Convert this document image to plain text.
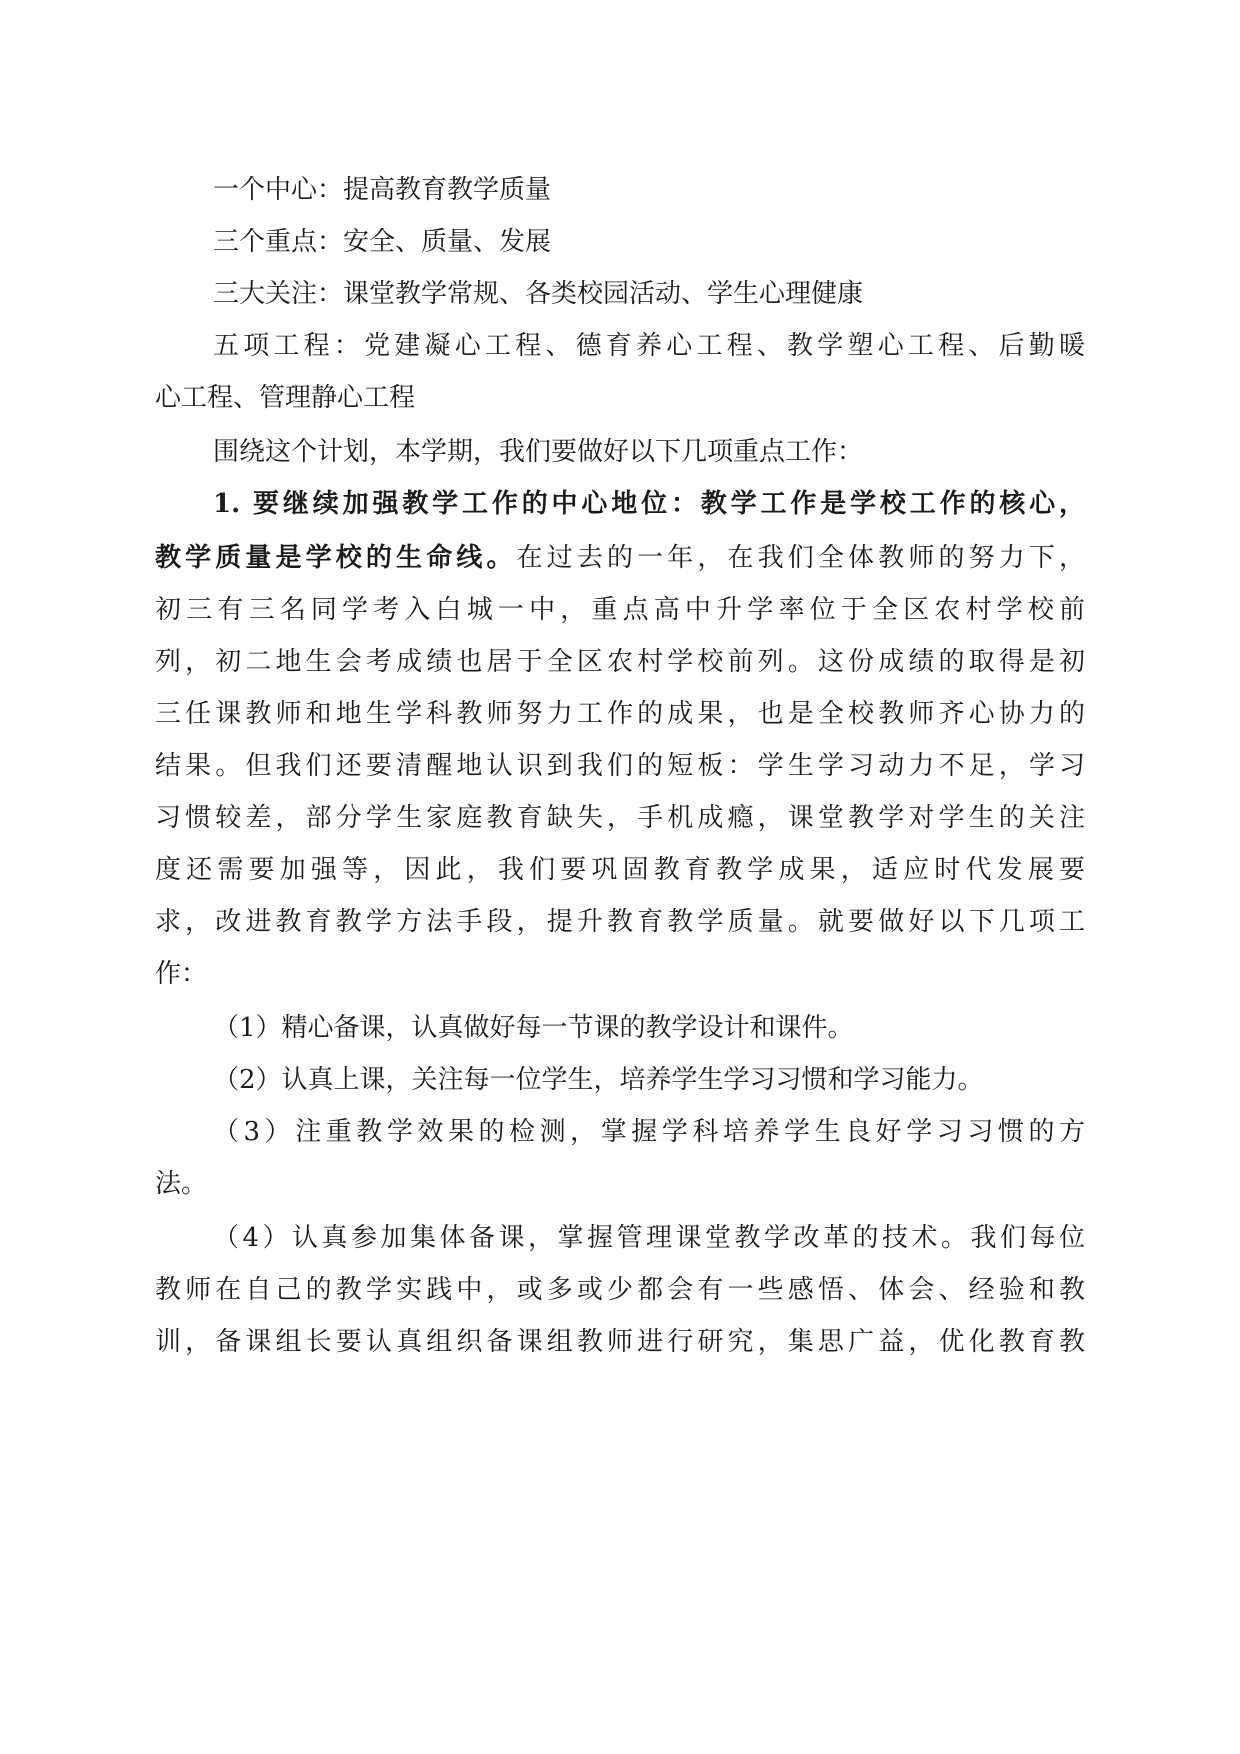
一个中心：提高教育教学质量
三个重点：安全、质量、发展
三大关注：课堂教学常规、各类校园活动、学生心理健康
五项工程：党建凝心工程、德育养心工程、教学塑心工程、后勤暖
心工程、管理静心工程
围绕这个计划，本学期，我们要做好以下几项重点工作：
1. 要继续加强教学工作的中心地位：教学工作是学校工作的核心，
教学质量是学校的生命线。在过去的一年，在我们全体教师的努力下，
初三有三名同学考入白城一中，重点高中升学率位于全区农村学校前
列，初二地生会考成绩也居于全区农村学校前列。这份成绩的取得是初
三任课教师和地生学科教师努力工作的成果，也是全校教师齐心协力的
结果。但我们还要清醒地认识到我们的短板：学生学习动力不足，学习
习惯较差，部分学生家庭教育缺失，手机成瘾，课堂教学对学生的关注
度还需要加强等，因此，我们要巩固教育教学成果，适应时代发展要
求，改进教育教学方法手段，提升教育教学质量。就要做好以下几项工
作：
（1）精心备课，认真做好每一节课的教学设计和课件。
（2）认真上课，关注每一位学生，培养学生学习习惯和学习能力。
（3）注重教学效果的检测，掌握学科培养学生良好学习习惯的方
法。
（4）认真参加集体备课，掌握管理课堂教学改革的技术。我们每位
教师在自己的教学实践中，或多或少都会有一些感悟、体会、经验和教
训，备课组长要认真组织备课组教师进行研究，集思广益，优化教育教
